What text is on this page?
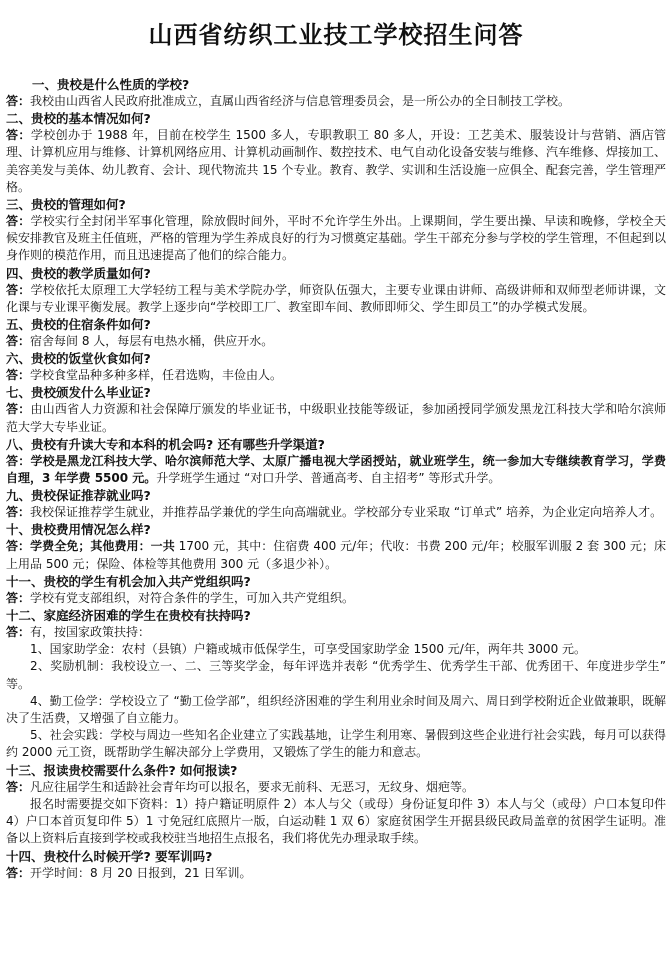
山西省纺织工业技工学校招生问答

一、贵校是什么性质的学校?

答：我校由山西省人民政府批准成立，直属山西省经济与信息管理委员会，是一所公办的全日制技工学校。

二、贵校的基本情况如何?

答：学校创办于 1988 年，目前在校学生 1500 多人，专职教职工 80 多人，开设：工艺美术、服装设计与营销、酒店管理、计算机应用与维修、计算机网络应用、计算机动画制作、数控技术、电气自动化设备安装与维修、汽车维修、焊接加工、美容美发与美体、幼儿教育、会计、现代物流共 15 个专业。教育、教学、实训和生活设施一应俱全、配套完善，学生管理严格。

三、贵校的管理如何?

答：学校实行全封闭半军事化管理，除放假时间外，平时不允许学生外出。上课期间，学生要出操、早读和晚修，学校全天候安排教官及班主任值班，严格的管理为学生养成良好的行为习惯奠定基础。学生干部充分参与学校的学生管理，不但起到以身作则的模范作用，而且迅速提高了他们的综合能力。

四、贵校的教学质量如何?

答：学校依托太原理工大学轻纺工程与美术学院办学，师资队伍强大，主要专业课由讲师、高级讲师和双师型老师讲课，文化课与专业课平衡发展。教学上逐步向“学校即工厂、教室即车间、教师即师父、学生即员工”的办学模式发展。

五、贵校的住宿条件如何?

答：宿舍每间 8 人，每层有电热水桶，供应开水。

六、贵校的饭堂伙食如何?

答：学校食堂品种多种多样，任君选购，丰俭由人。

七、贵校颁发什么毕业证?

答：由山西省人力资源和社会保障厅颁发的毕业证书，中级职业技能等级证，参加函授同学颁发黑龙江科技大学和哈尔滨师范大学大专毕业证。

八、贵校有升读大专和本科的机会吗? 还有哪些升学渠道?

答：学校是黑龙江科技大学、哈尔滨师范大学、太原广播电视大学函授站，就业班学生，统一参加大专继续教育学习，学费自理，3 年学费 5500 元。升学班学生通过 “对口升学、普通高考、自主招考” 等形式升学。

九、贵校保证推荐就业吗?

答：我校保证推荐学生就业，并推荐品学兼优的学生向高端就业。学校部分专业采取 “订单式” 培养，为企业定向培养人才。

十、贵校费用情况怎么样?

答：学费全免；其他费用：一共 1700 元，其中：住宿费 400 元/年；代收：书费 200 元/年；校服军训服 2 套 300 元；床上用品 500 元；保险、体检等其他费用 300 元（多退少补）。

十一、贵校的学生有机会加入共产党组织吗?

答：学校有党支部组织，对符合条件的学生，可加入共产党组织。

十二、家庭经济困难的学生在贵校有扶持吗?

答：有，按国家政策扶持：

1、国家助学金：农村（县镇）户籍或城市低保学生，可享受国家助学金 1500 元/年，两年共 3000 元。

2、奖励机制：我校设立一、二、三等奖学金，每年评选并表彰 “优秀学生、优秀学生干部、优秀团干、年度进步学生” 等。

4、勤工俭学：学校设立了 “勤工俭学部”，组织经济困难的学生利用业余时间及周六、周日到学校附近企业做兼职，既解决了生活费，又增强了自立能力。

5、社会实践：学校与周边一些知名企业建立了实践基地，让学生利用寒、暑假到这些企业进行社会实践，每月可以获得约 2000 元工资，既帮助学生解决部分上学费用，又锻炼了学生的能力和意志。

十三、报读贵校需要什么条件? 如何报读?

答：凡应往届学生和适龄社会青年均可以报名，要求无前科、无恶习，无纹身、烟疤等。

报名时需要提交如下资料：1）持户籍证明原件 2）本人与父（或母）身份证复印件 3）本人与父（或母）户口本复印件 4）户口本首页复印件 5）1 寸免冠红底照片一版，白运动鞋 1 双 6）家庭贫困学生开据县级民政局盖章的贫困学生证明。准备以上资料后直接到学校或我校驻当地招生点报名，我们将优先办理录取手续。

十四、贵校什么时候开学? 要军训吗?

答：开学时间：8 月 20 日报到，21 日军训。
